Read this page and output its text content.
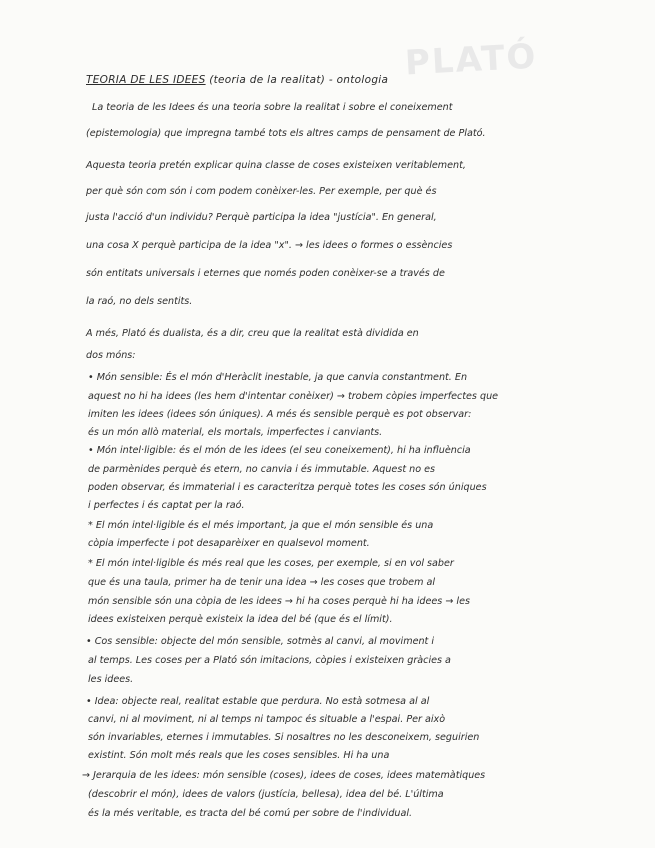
PLATÓ
TEORIA DE LES IDEES (teoria de la realitat) - ontologia
La teoria de les Idees és una teoria sobre la realitat i sobre el coneixement
(epistemologia) que impregna també tots els altres camps de pensament de Plató.
Aquesta teoria pretén explicar quina classe de coses existeixen veritablement,
per què són com són i com podem conèixer-les. Per exemple, per què és
justa l'acció d'un individu? Perquè participa la idea "justícia". En general,
una cosa X perquè participa de la idea "x". → les idees o formes o essències
són entitats universals i eternes que només poden conèixer-se a través de
la raó, no dels sentits.
A més, Plató és dualista, és a dir, creu que la realitat està dividida en
dos móns:
• Món sensible: És el món d'Heràclit inestable, ja que canvia constantment. En
aquest no hi ha idees (les hem d'intentar conèixer) → trobem còpies imperfectes que
imiten les idees (idees són úniques). A més és sensible perquè es pot observar:
és un món allò material, els mortals, imperfectes i canviants.
• Món intel·ligible: és el món de les idees (el seu coneixement), hi ha influència
de parmènides perquè és etern, no canvia i és immutable. Aquest no es
poden observar, és immaterial i es caracteritza perquè totes les coses són úniques
i perfectes i és captat per la raó.
* El món intel·ligible és el més important, ja que el món sensible és una
còpia imperfecte i pot desaparèixer en qualsevol moment.
* El món intel·ligible és més real que les coses, per exemple, si en vol saber
que és una taula, primer ha de tenir una idea → les coses que trobem al
món sensible són una còpia de les idees → hi ha coses perquè hi ha idees → les
idees existeixen perquè existeix la idea del bé (que és el límit).
• Cos sensible: objecte del món sensible, sotmès al canvi, al moviment i
al temps. Les coses per a Plató són imitacions, còpies i existeixen gràcies a
les idees.
• Idea: objecte real, realitat estable que perdura. No està sotmesa al al
canvi, ni al moviment, ni al temps ni tampoc és situable a l'espai. Per això
són invariables, eternes i immutables. Si nosaltres no les desconeixem, seguirien
existint. Són molt més reals que les coses sensibles. Hi ha una
→ Jerarquia de les idees: món sensible (coses), idees de coses, idees matemàtiques
(descobrir el món), idees de valors (justícia, bellesa), idea del bé. L'última
és la més veritable, es tracta del bé comú per sobre de l'individual.
